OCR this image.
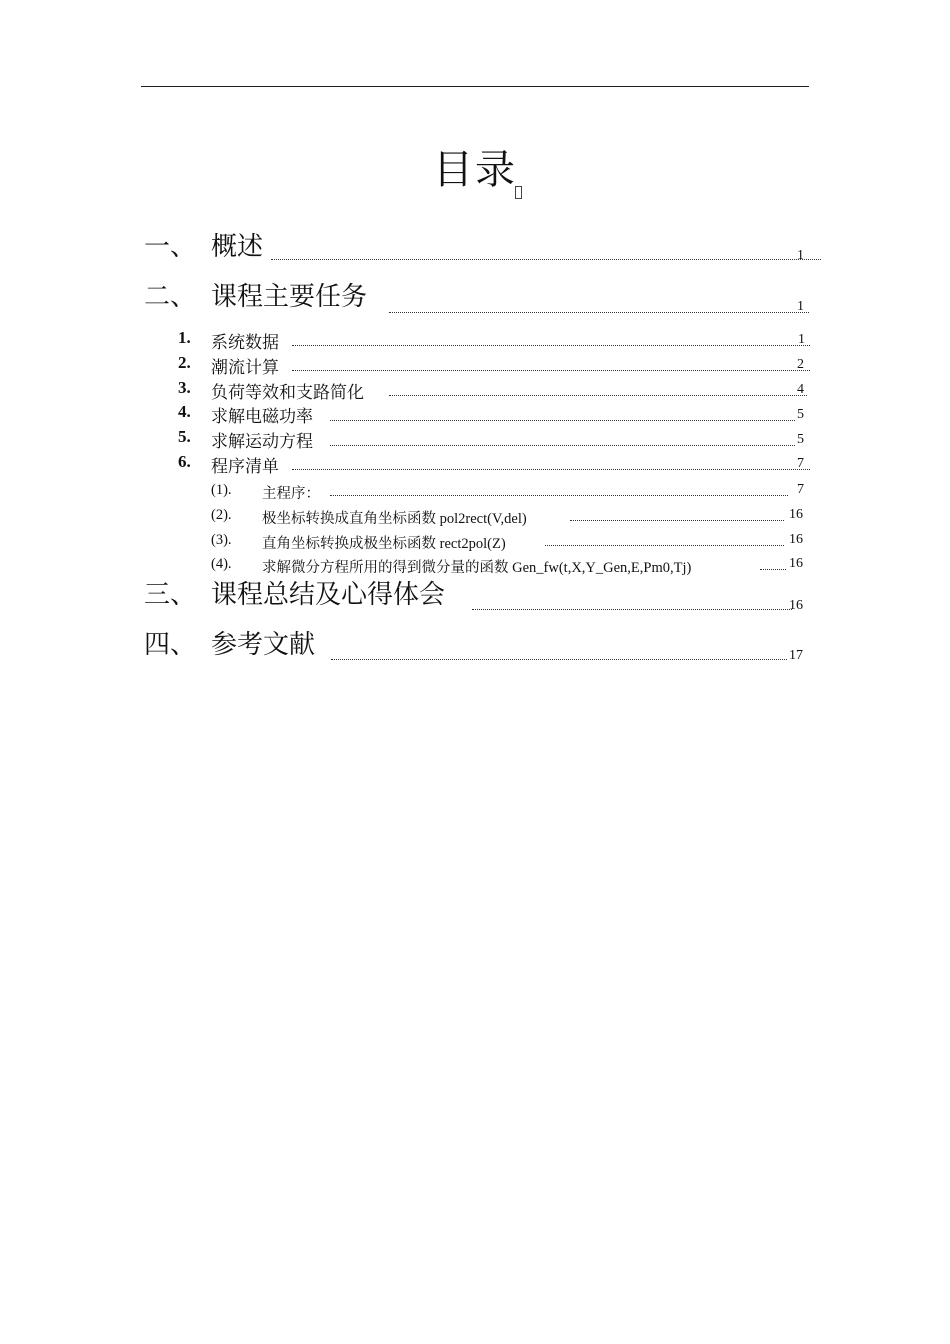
目录
一、 概述	1
二、 课程主要任务	1
1. 系统数据	1
2. 潮流计算	2
3. 负荷等效和支路简化	4
4. 求解电磁功率	5
5. 求解运动方程	5
6. 程序清单	7
(1). 主程序：	7
(2). 极坐标转换成直角坐标函数 pol2rect(V,del)	16
(3). 直角坐标转换成极坐标函数 rect2pol(Z)	16
(4). 求解微分方程所用的得到微分量的函数 Gen_fw(t,X,Y_Gen,E,Pm0,Tj)	16
三、 课程总结及心得体会	16
四、 参考文献	17
